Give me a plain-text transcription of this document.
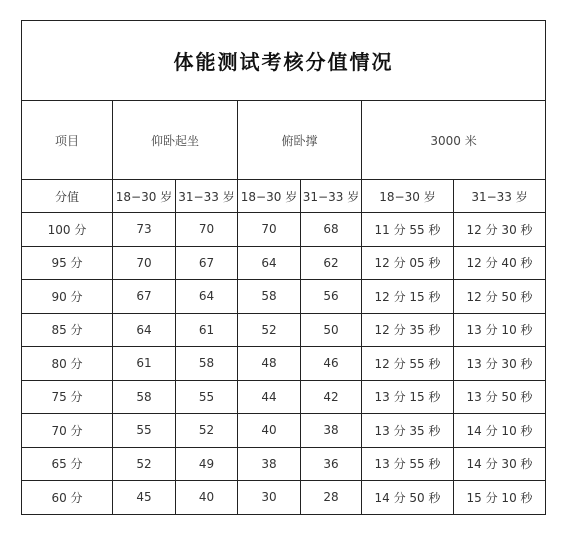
体能测试考核分值情况						
项目	仰卧起坐		俯卧撑		3000 米	
分值	18−30 岁	31−33 岁	18−30 岁	31−33 岁	18−30 岁	31−33 岁
100 分	73	70	70	68	11 分 55 秒	12 分 30 秒
95 分	70	67	64	62	12 分 05 秒	12 分 40 秒
90 分	67	64	58	56	12 分 15 秒	12 分 50 秒
85 分	64	61	52	50	12 分 35 秒	13 分 10 秒
80 分	61	58	48	46	12 分 55 秒	13 分 30 秒
75 分	58	55	44	42	13 分 15 秒	13 分 50 秒
70 分	55	52	40	38	13 分 35 秒	14 分 10 秒
65 分	52	49	38	36	13 分 55 秒	14 分 30 秒
60 分	45	40	30	28	14 分 50 秒	15 分 10 秒
